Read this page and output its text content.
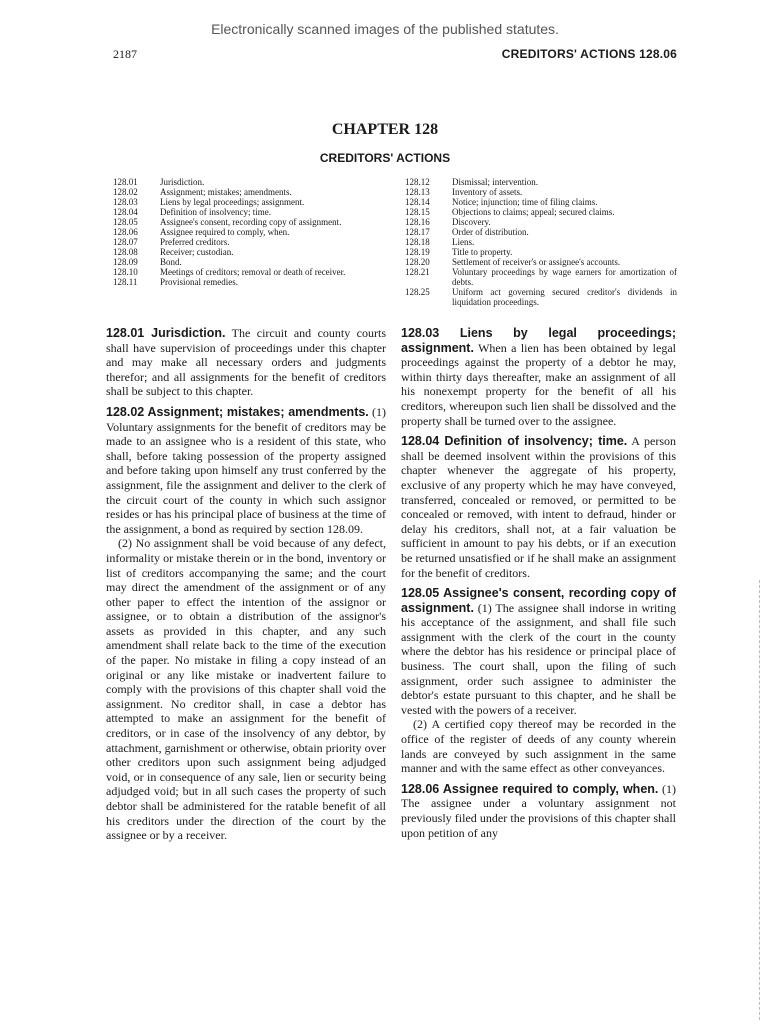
Electronically scanned images of the published statutes.
2187	CREDITORS' ACTIONS 128.06
CHAPTER 128
CREDITORS' ACTIONS
128.01	Jurisdiction.
128.02	Assignment; mistakes; amendments.
128.03	Liens by legal proceedings; assignment.
128.04	Definition of insolvency; time.
128.05	Assignee's consent, recording copy of assignment.
128.06	Assignee required to comply, when.
128.07	Preferred creditors.
128.08	Receiver; custodian.
128.09	Bond.
128.10	Meetings of creditors; removal or death of receiver.
128.11	Provisional remedies.
128.12	Dismissal; intervention.
128.13	Inventory of assets.
128.14	Notice; injunction; time of filing claims.
128.15	Objections to claims; appeal; secured claims.
128.16	Discovery.
128.17	Order of distribution.
128.18	Liens.
128.19	Title to property.
128.20	Settlement of receiver's or assignee's accounts.
128.21	Voluntary proceedings by wage earners for amortization of debts.
128.25	Uniform act governing secured creditor's dividends in liquidation proceedings.

128.01 Jurisdiction. The circuit and county courts shall have supervision of proceedings under this chapter and may make all necessary orders and judgments therefor; and all assignments for the benefit of creditors shall be subject to this chapter.

128.02 Assignment; mistakes; amendments. (1) Voluntary assignments for the benefit of creditors may be made to an assignee who is a resident of this state, who shall, before taking possession of the property assigned and before taking upon himself any trust conferred by the assignment, file the assignment and deliver to the clerk of the circuit court of the county in which such assignor resides or has his principal place of business at the time of the assignment, a bond as required by section 128.09.

(2) No assignment shall be void because of any defect, informality or mistake therein or in the bond, inventory or list of creditors accompanying the same; and the court may direct the amendment of the assignment or of any other paper to effect the intention of the assignor or assignee, or to obtain a distribution of the assignor's assets as provided in this chapter, and any such amendment shall relate back to the time of the execution of the paper. No mistake in filing a copy instead of an original or any like mistake or inadvertent failure to comply with the provisions of this chapter shall void the assignment. No creditor shall, in case a debtor has attempted to make an assignment for the benefit of creditors, or in case of the insolvency of any debtor, by attachment, garnishment or otherwise, obtain priority over other creditors upon such assignment being adjudged void, or in consequence of any sale, lien or security being adjudged void; but in all such cases the property of such debtor shall be administered for the ratable benefit of all his creditors under the direction of the court by the assignee or by a receiver.

128.03 Liens by legal proceedings; assignment. When a lien has been obtained by legal proceedings against the property of a debtor he may, within thirty days thereafter, make an assignment of all his nonexempt property for the benefit of all his creditors, whereupon such lien shall be dissolved and the property shall be turned over to the assignee.

128.04 Definition of insolvency; time. A person shall be deemed insolvent within the provisions of this chapter whenever the aggregate of his property, exclusive of any property which he may have conveyed, transferred, concealed or removed, or permitted to be concealed or removed, with intent to defraud, hinder or delay his creditors, shall not, at a fair valuation be sufficient in amount to pay his debts, or if an execution be returned unsatisfied or if he shall make an assignment for the benefit of creditors.

128.05 Assignee's consent, recording copy of assignment. (1) The assignee shall indorse in writing his acceptance of the assignment, and shall file such assignment with the clerk of the court in the county where the debtor has his residence or principal place of business. The court shall, upon the filing of such assignment, order such assignee to administer the debtor's estate pursuant to this chapter, and he shall be vested with the powers of a receiver.

(2) A certified copy thereof may be recorded in the office of the register of deeds of any county wherein lands are conveyed by such assignment in the same manner and with the same effect as other conveyances.

128.06 Assignee required to comply, when. (1) The assignee under a voluntary assignment not previously filed under the provisions of this chapter shall upon petition of any
